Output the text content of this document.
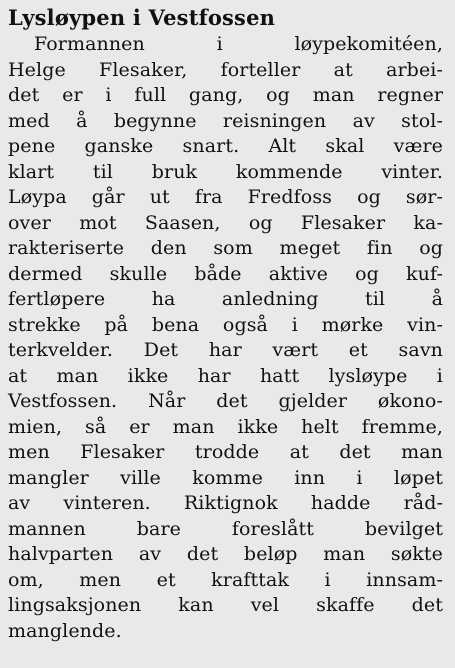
Lysløypen i Vestfossen
Formannen i løypekomitéen,
Helge Flesaker, forteller at arbei-
det er i full gang, og man regner
med å begynne reisningen av stol-
pene ganske snart. Alt skal være
klart til bruk kommende vinter.
Løypa går ut fra Fredfoss og sør-
over mot Saasen, og Flesaker ka-
rakteriserte den som meget fin og
dermed skulle både aktive og kuf-
fertløpere ha anledning til å
strekke på bena også i mørke vin-
terkvelder. Det har vært et savn
at man ikke har hatt lysløype i
Vestfossen. Når det gjelder økono-
mien, så er man ikke helt fremme,
men Flesaker trodde at det man
mangler ville komme inn i løpet
av vinteren. Riktignok hadde råd-
mannen bare foreslått bevilget
halvparten av det beløp man søkte
om, men et krafttak i innsam-
lingsaksjonen kan vel skaffe det
manglende.
